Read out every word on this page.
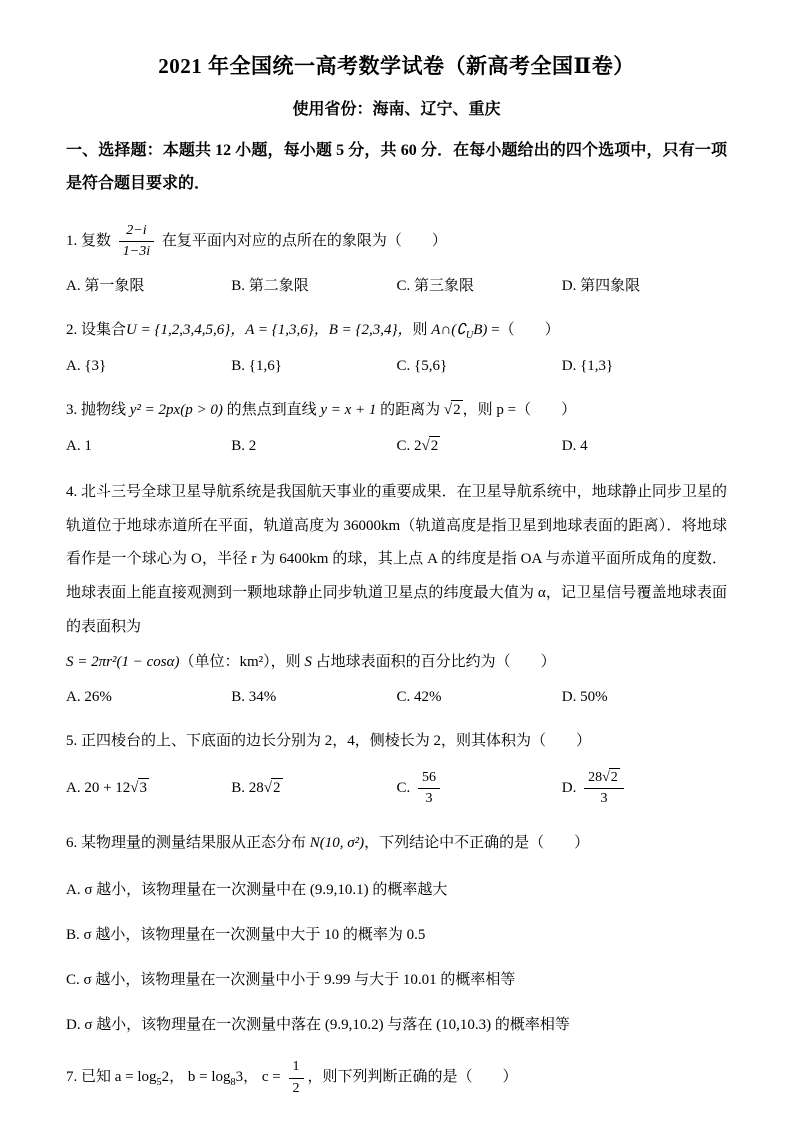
2021 年全国统一高考数学试卷（新高考全国Ⅱ卷）
使用省份：海南、辽宁、重庆

一、选择题：本题共 12 小题，每小题 5 分，共 60 分．在每小题给出的四个选项中，只有一项是符合题目要求的．

1. 复数 $\frac{2-i}{1-3i}$ 在复平面内对应的点所在的象限为（　　）
A. 第一象限	B. 第二象限	C. 第三象限	D. 第四象限
2. 设集合U = {1,2,3,4,5,6}，A = {1,3,6}，B = {2,3,4}，则 $A\cap(∁_UB)$ =（　　）
A. {3}	B. {1,6}	C. {5,6}	D. {1,3}
3. 抛物线 y² = 2px(p > 0) 的焦点到直线 y = x + 1 的距离为 √2 ，则 p =（　　）
A. 1	B. 2	C. 2√2	D. 4
4. 北斗三号全球卫星导航系统是我国航天事业的重要成果．在卫星导航系统中，地球静止同步卫星的轨道位于地球赤道所在平面，轨道高度为 36000km（轨道高度是指卫星到地球表面的距离）．将地球看作是一个球心为 O，半径 r 为 6400km 的球，其上点 A 的纬度是指 OA 与赤道平面所成角的度数．地球表面上能直接观测到一颗地球静止同步轨道卫星点的纬度最大值为 α，记卫星信号覆盖地球表面的表面积为
S = 2πr²(1 − cosα)（单位：km²），则 S 占地球表面积的百分比约为（　　）
A. 26%	B. 34%	C. 42%	D. 50%
5. 正四棱台的上、下底面的边长分别为 2，4，侧棱长为 2，则其体积为（　　）
A. 20 + 12√3	B. 28√2	C. $\frac{56}{3}$	D. $\frac{28√2}{3}$
6. 某物理量的测量结果服从正态分布 N(10, σ²)，下列结论中不正确的是（　　）
A. σ 越小，该物理量在一次测量中在 (9.9,10.1) 的概率越大
B. σ 越小，该物理量在一次测量中大于 10 的概率为 0.5
C. σ 越小，该物理量在一次测量中小于 9.99 与大于 10.01 的概率相等
D. σ 越小，该物理量在一次测量中落在 (9.9,10.2) 与落在 (10,10.3) 的概率相等
7. 已知 $a = \log_52$， $b = \log_83$， $c = \frac{1}{2}$ ，则下列判断正确的是（　　）
